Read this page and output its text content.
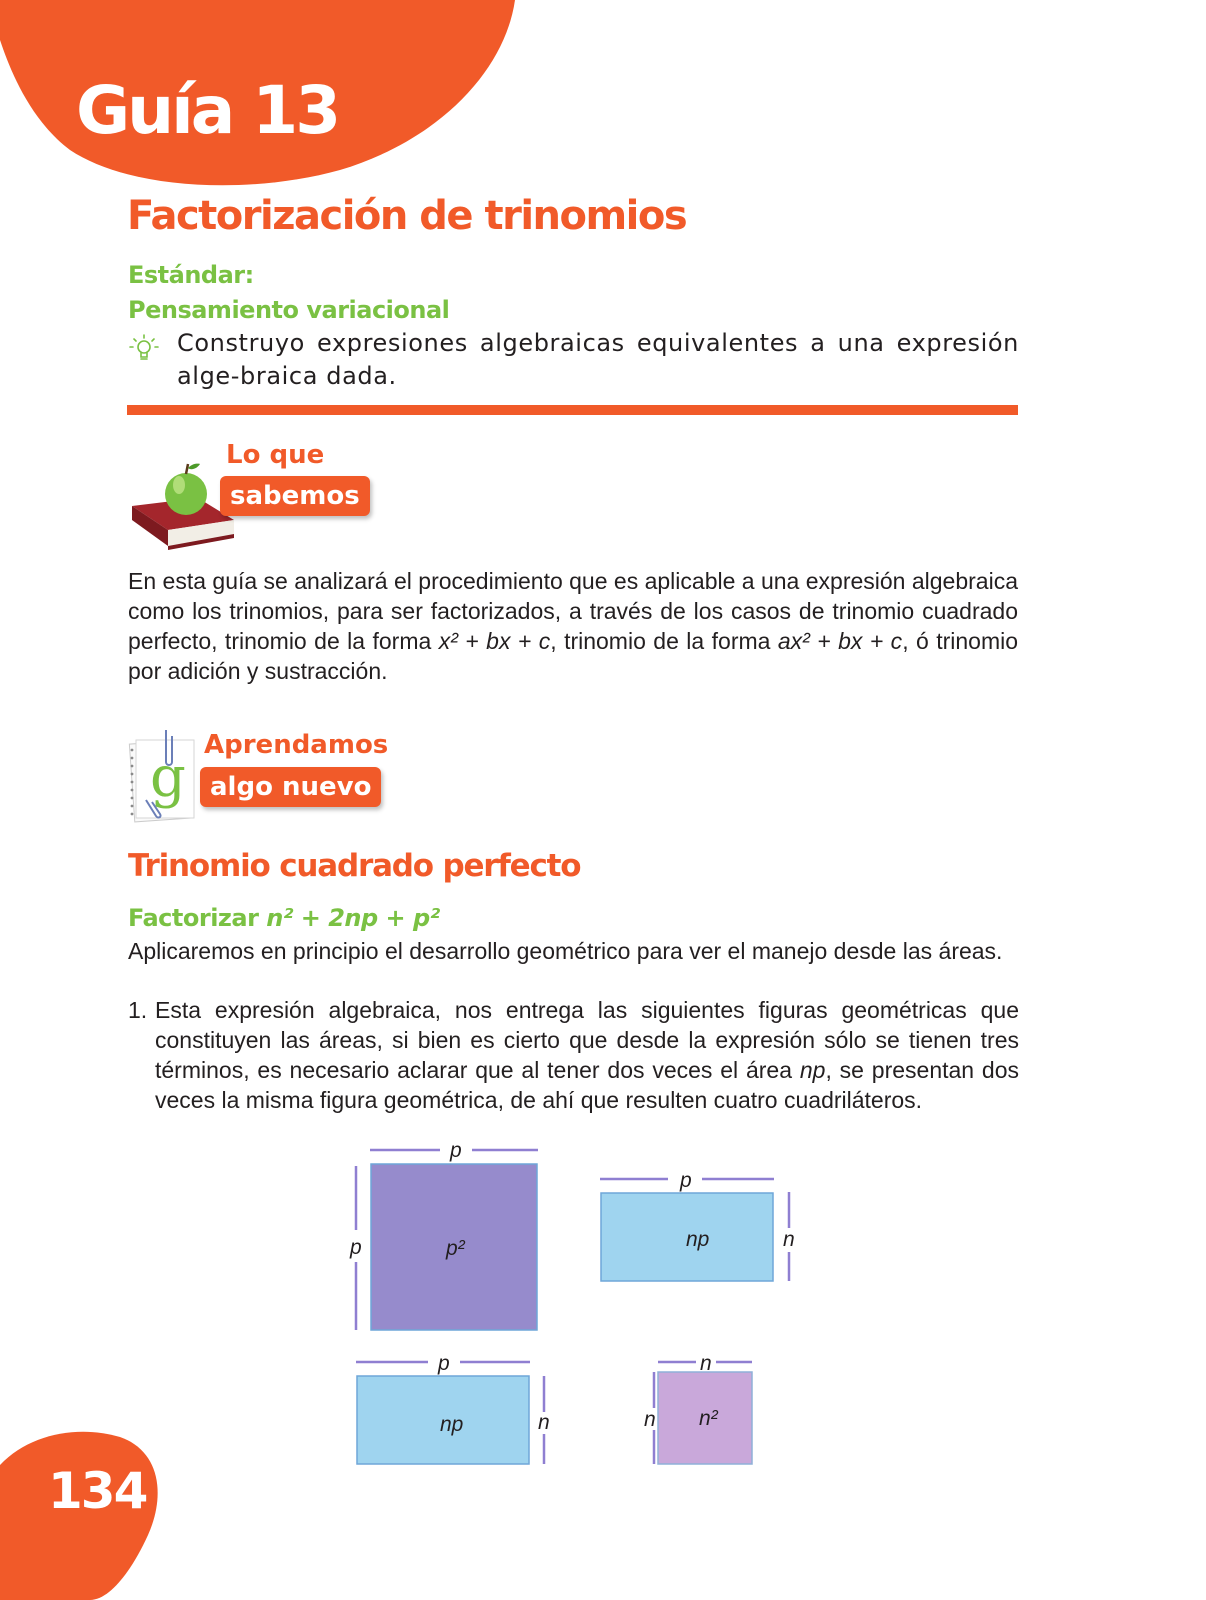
Guía 13
Factorización de trinomios
Estándar:
Pensamiento variacional
Construyo expresiones algebraicas equivalentes a una expresión alge-braica dada.
Lo que
sabemos
En esta guía se analizará el procedimiento que es aplicable a una expresión algebraica como los trinomios, para ser factorizados, a través de los casos de trinomio cuadrado perfecto, trinomio de la forma x² + bx + c, trinomio de la forma ax² + bx + c, ó trinomio por adición y sustracción.
g Aprendamos
algo nuevo
Trinomio cuadrado perfecto
Factorizar n² + 2np + p²
Aplicaremos en principio el desarrollo geométrico para ver el manejo desde las áreas.
1. Esta expresión algebraica, nos entrega las siguientes figuras geométricas que constituyen las áreas, si bien es cierto que desde la expresión sólo se tienen tres términos, es necesario aclarar que al tener dos veces el área np, se presentan dos veces la misma figura geométrica, de ahí que resulten cuatro cuadriláteros.
p
p	p²
p
n
np
p
n
np
n
n n²
134
